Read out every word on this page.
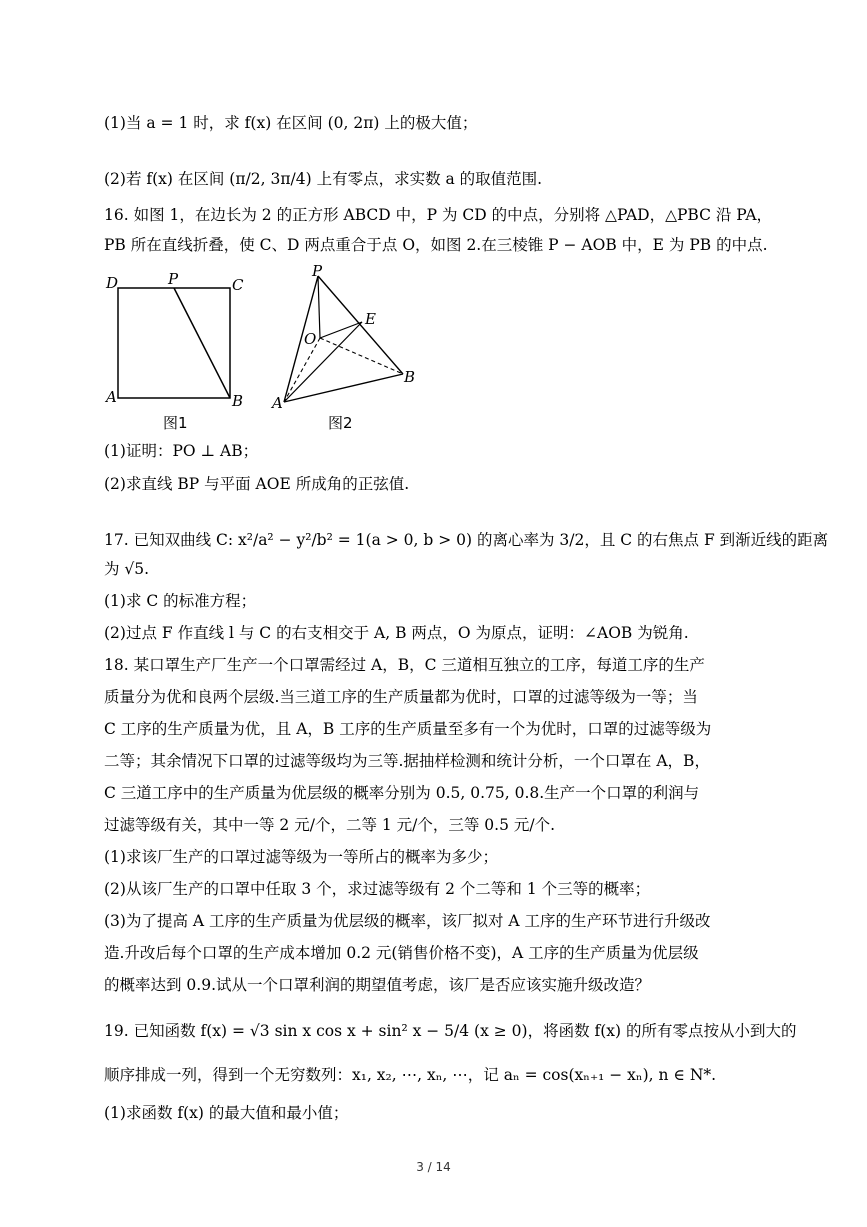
(1)当 a = 1 时，求 f(x) 在区间 (0, 2π) 上的极大值；
(2)若 f(x) 在区间 (π/2, 3π/4) 上有零点，求实数 a 的取值范围.
16. 如图 1，在边长为 2 的正方形 ABCD 中，P 为 CD 的中点，分别将 △PAD，△PBC 沿 PA，
PB 所在直线折叠，使 C、D 两点重合于点 O，如图 2.在三棱锥 P − AOB 中，E 为 PB 的中点.
(1)证明：PO ⊥ AB；
(2)求直线 BP 与平面 AOE 所成角的正弦值.
17. 已知双曲线 C: x²/a² − y²/b² = 1(a > 0, b > 0) 的离心率为 3/2，且 C 的右焦点 F 到渐近线的距离
为 √5.
(1)求 C 的标准方程；
(2)过点 F 作直线 l 与 C 的右支相交于 A, B 两点，O 为原点，证明：∠AOB 为锐角.
18. 某口罩生产厂生产一个口罩需经过 A，B，C 三道相互独立的工序，每道工序的生产
质量分为优和良两个层级.当三道工序的生产质量都为优时，口罩的过滤等级为一等；当
C 工序的生产质量为优，且 A，B 工序的生产质量至多有一个为优时，口罩的过滤等级为
二等；其余情况下口罩的过滤等级均为三等.据抽样检测和统计分析，一个口罩在 A，B，
C 三道工序中的生产质量为优层级的概率分别为 0.5, 0.75, 0.8.生产一个口罩的利润与
过滤等级有关，其中一等 2 元/个，二等 1 元/个，三等 0.5 元/个.
(1)求该厂生产的口罩过滤等级为一等所占的概率为多少；
(2)从该厂生产的口罩中任取 3 个，求过滤等级有 2 个二等和 1 个三等的概率；
(3)为了提高 A 工序的生产质量为优层级的概率，该厂拟对 A 工序的生产环节进行升级改
造.升改后每个口罩的生产成本增加 0.2 元(销售价格不变)，A 工序的生产质量为优层级
的概率达到 0.9.试从一个口罩利润的期望值考虑，该厂是否应该实施升级改造？
19. 已知函数 f(x) = √3 sin x cos x + sin² x − 5/4 (x ≥ 0)，将函数 f(x) 的所有零点按从小到大的
顺序排成一列，得到一个无穷数列：x₁, x₂, ⋯, xₙ, ⋯，记 aₙ = cos(xₙ₊₁ − xₙ), n ∈ N*.
(1)求函数 f(x) 的最大值和最小值；
D	P	C
A	B
图1
P
E
O
A
B
图2
3 / 14
